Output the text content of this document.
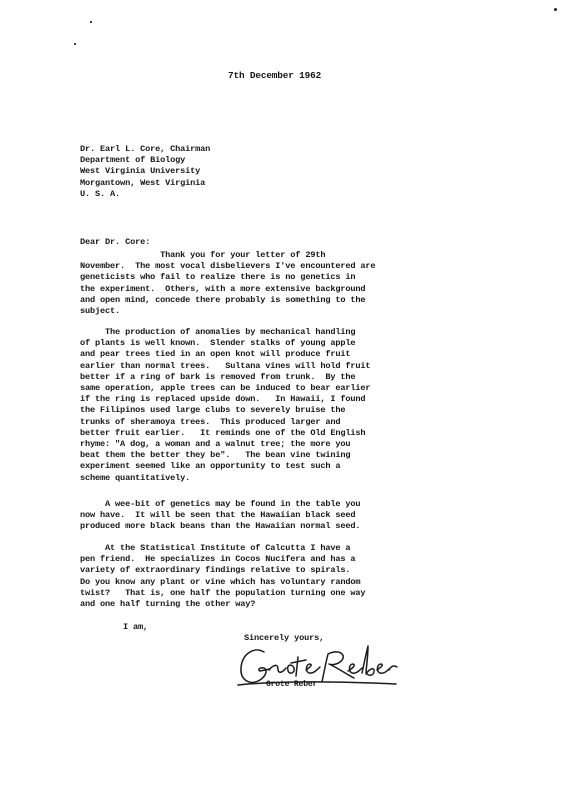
7th December 1962
Dr. Earl L. Core, Chairman
Department of Biology
West Virginia University
Morgantown, West Virginia
U. S. A.
Dear Dr. Core:
Thank you for your letter of 29th
November.  The most vocal disbelievers I've encountered are
geneticists who fail to realize there is no genetics in
the experiment.  Others, with a more extensive background
and open mind, concede there probably is something to the
subject.
The production of anomalies by mechanical handling
of plants is well known.  Slender stalks of young apple
and pear trees tied in an open knot will produce fruit
earlier than normal trees.   Sultana vines will hold fruit
better if a ring of bark is removed from trunk.  By the
same operation, apple trees can be induced to bear earlier
if the ring is replaced upside down.   In Hawaii, I found
the Filipinos used large clubs to severely bruise the
trunks of sheramoya trees.  This produced larger and
better fruit earlier.   It reminds one of the Old English
rhyme: "A dog, a woman and a walnut tree; the more you
beat them the better they be".   The bean vine twining
experiment seemed like an opportunity to test such a
scheme quantitatively.
A wee-bit of genetics may be found in the table you
now have.  It will be seen that the Hawaiian black seed
produced more black beans than the Hawaiian normal seed.
At the Statistical Institute of Calcutta I have a
pen friend.  He specializes in Cocos Nucifera and has a
variety of extraordinary findings relative to spirals.
Do you know any plant or vine which has voluntary random
twist?   That is, one half the population turning one way
and one half turning the other way?
I am,
Sincerely yours,
Grote Reber
